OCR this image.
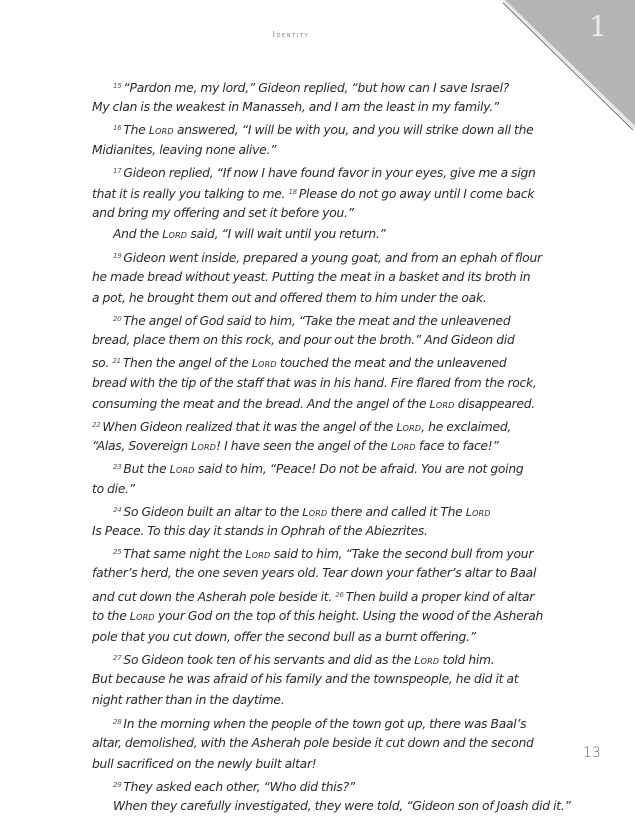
1
Identity
$^{15}$ “Pardon me, my lord,” Gideon replied, “but how can I save Israel?
My clan is the weakest in Manasseh, and I am the least in my family.”
$^{16}$ The Lord answered, “I will be with you, and you will strike down all the
Midianites, leaving none alive.”
$^{17}$ Gideon replied, “If now I have found favor in your eyes, give me a sign
that it is really you talking to me. $^{18}$ Please do not go away until I come back
and bring my offering and set it before you.”
And the Lord said, “I will wait until you return.”
$^{19}$ Gideon went inside, prepared a young goat, and from an ephah of flour
he made bread without yeast. Putting the meat in a basket and its broth in
a pot, he brought them out and offered them to him under the oak.
$^{20}$ The angel of God said to him, “Take the meat and the unleavened
bread, place them on this rock, and pour out the broth.” And Gideon did
so. $^{21}$ Then the angel of the Lord touched the meat and the unleavened
bread with the tip of the staff that was in his hand. Fire flared from the rock,
consuming the meat and the bread. And the angel of the Lord disappeared.
$^{22}$ When Gideon realized that it was the angel of the Lord, he exclaimed,
“Alas, Sovereign Lord! I have seen the angel of the Lord face to face!”
$^{23}$ But the Lord said to him, “Peace! Do not be afraid. You are not going
to die.”
$^{24}$ So Gideon built an altar to the Lord there and called it The Lord
Is Peace. To this day it stands in Ophrah of the Abiezrites.
$^{25}$ That same night the Lord said to him, “Take the second bull from your
father’s herd, the one seven years old. Tear down your father’s altar to Baal
and cut down the Asherah pole beside it. $^{26}$ Then build a proper kind of altar
to the Lord your God on the top of this height. Using the wood of the Asherah
pole that you cut down, offer the second bull as a burnt offering.”
$^{27}$ So Gideon took ten of his servants and did as the Lord told him.
But because he was afraid of his family and the townspeople, he did it at
night rather than in the daytime.
$^{28}$ In the morning when the people of the town got up, there was Baal’s
altar, demolished, with the Asherah pole beside it cut down and the second
bull sacrificed on the newly built altar!
$^{29}$ They asked each other, “Who did this?”
When they carefully investigated, they were told, “Gideon son of Joash did it.”
13
